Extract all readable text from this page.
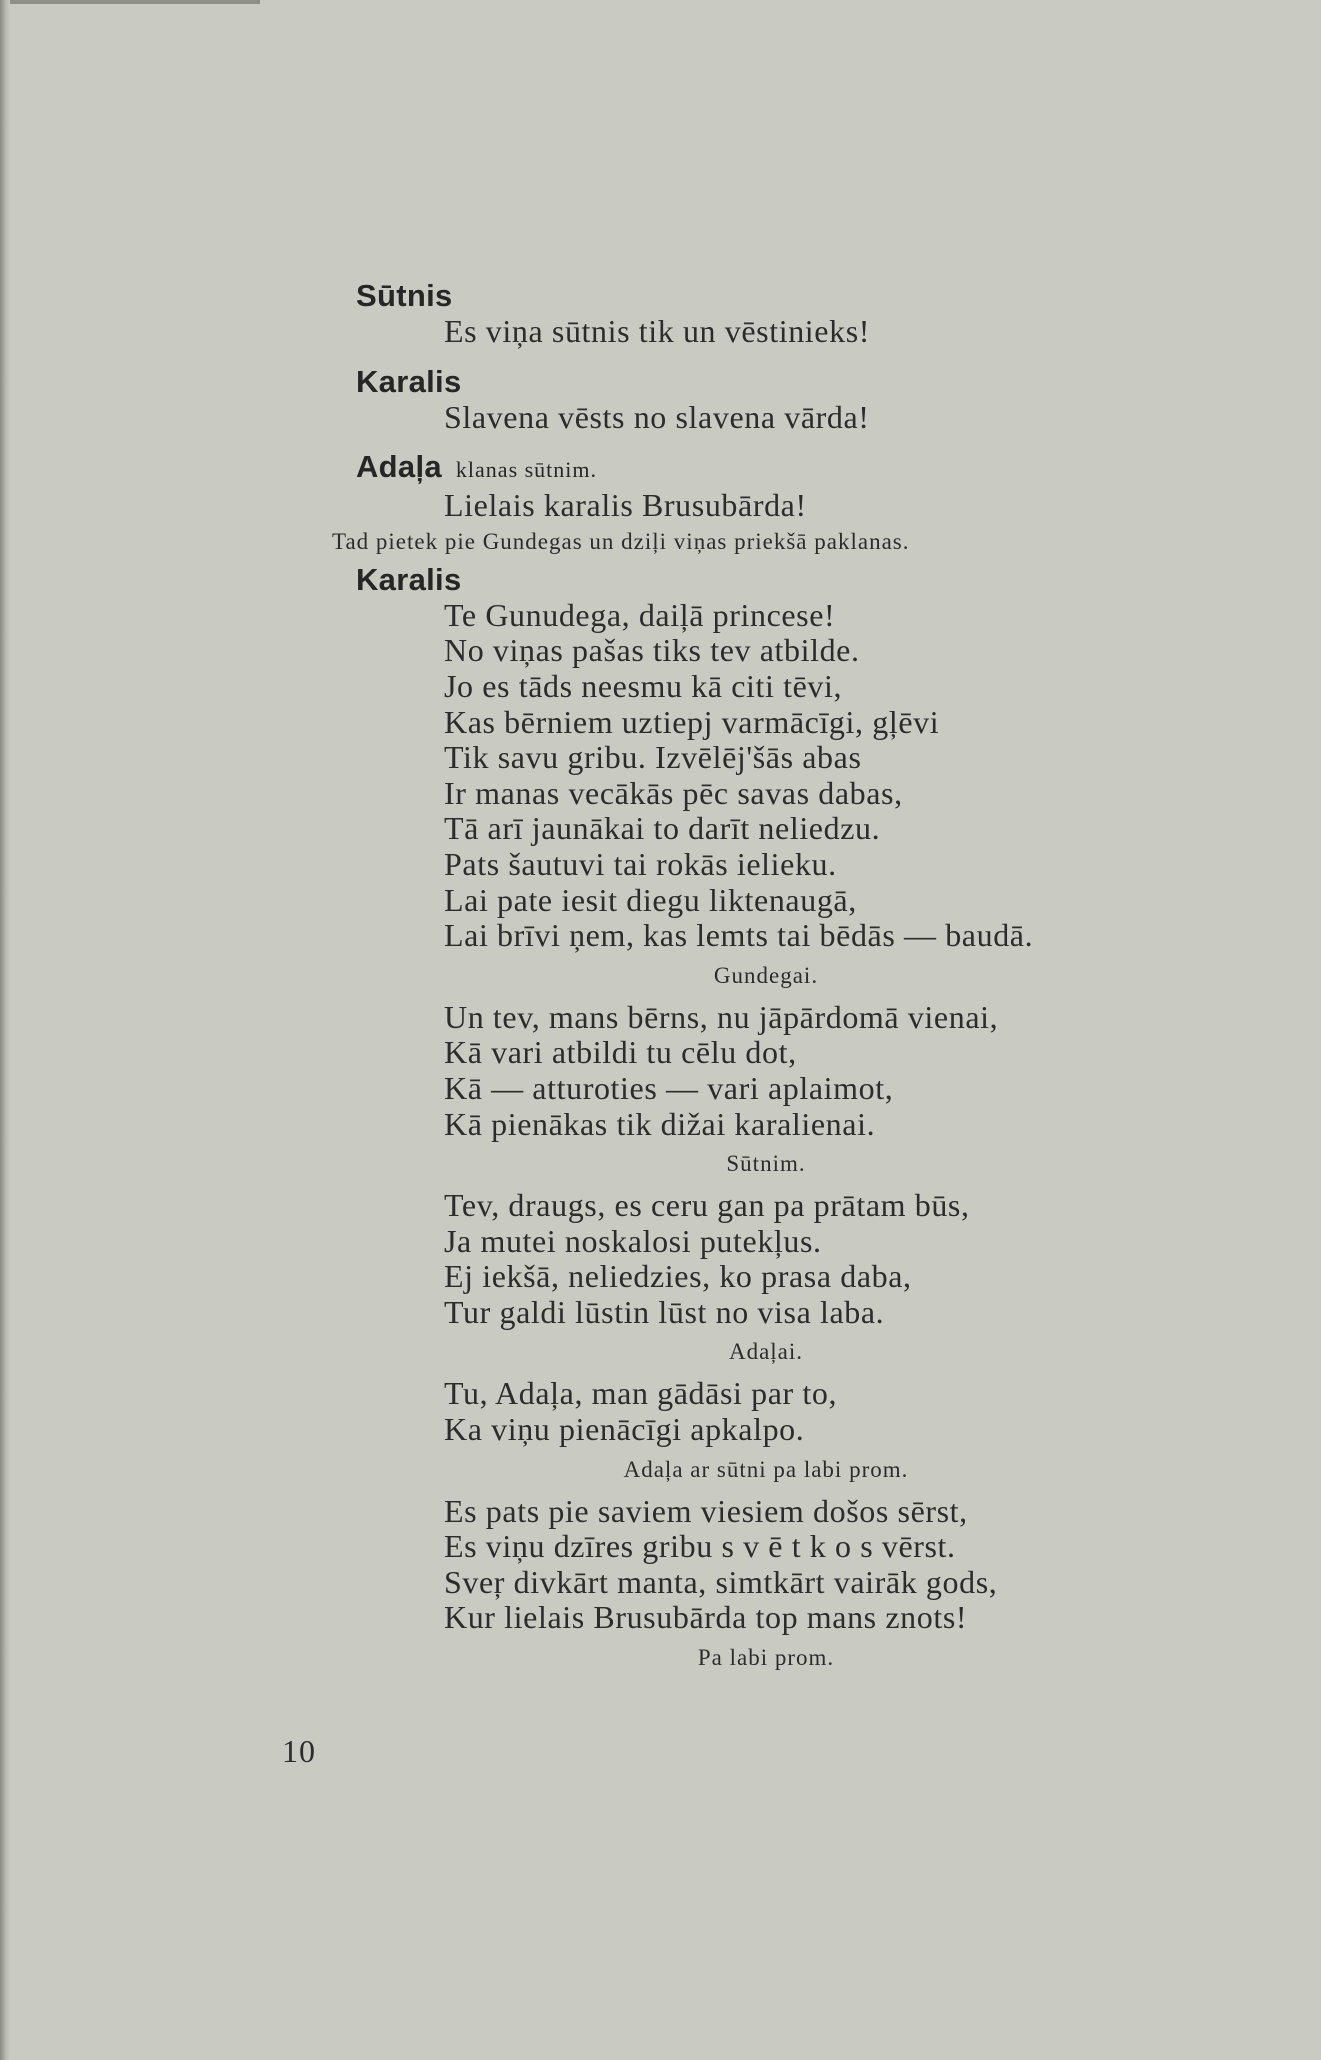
Sūtnis

Es viņa sūtnis tik un vēstinieks!

Karalis

Slavena vēsts no slavena vārda!

Adaļa klanas sūtnim.

Lielais karalis Brusubārda!
Tad pietek pie Gundegas un dziļi viņas priekšā paklanas.

Karalis

Te Gunudega, daiļā princese!
No viņas pašas tiks tev atbilde.
Jo es tāds neesmu kā citi tēvi,
Kas bērniem uztiepj varmācīgi, gļēvi
Tik savu gribu. Izvēlēj'šās abas
Ir manas vecākās pēc savas dabas,
Tā arī jaunākai to darīt neliedzu.
Pats šautuvi tai rokās ielieku.
Lai pate iesit diegu liktenaugā,
Lai brīvi ņem, kas lemts tai bēdās — baudā.
Gundegai.
Un tev, mans bērns, nu jāpārdomā vienai,
Kā vari atbildi tu cēlu dot,
Kā — atturoties — vari aplaimot,
Kā pienākas tik dižai karalienai.
Sūtnim.
Tev, draugs, es ceru gan pa prātam būs,
Ja mutei noskalosi putekļus.
Ej iekšā, neliedzies, ko prasa daba,
Tur galdi lūstin lūst no visa laba.
Adaļai.
Tu, Adaļa, man gādāsi par to,
Ka viņu pienācīgi apkalpo.
Adaļa ar sūtni pa labi prom.
Es pats pie saviem viesiem došos sērst,
Es viņu dzīres gribu s v ē t k o s vērst.
Sveŗ divkārt manta, simtkārt vairāk gods,
Kur lielais Brusubārda top mans znots!
Pa labi prom.
10
